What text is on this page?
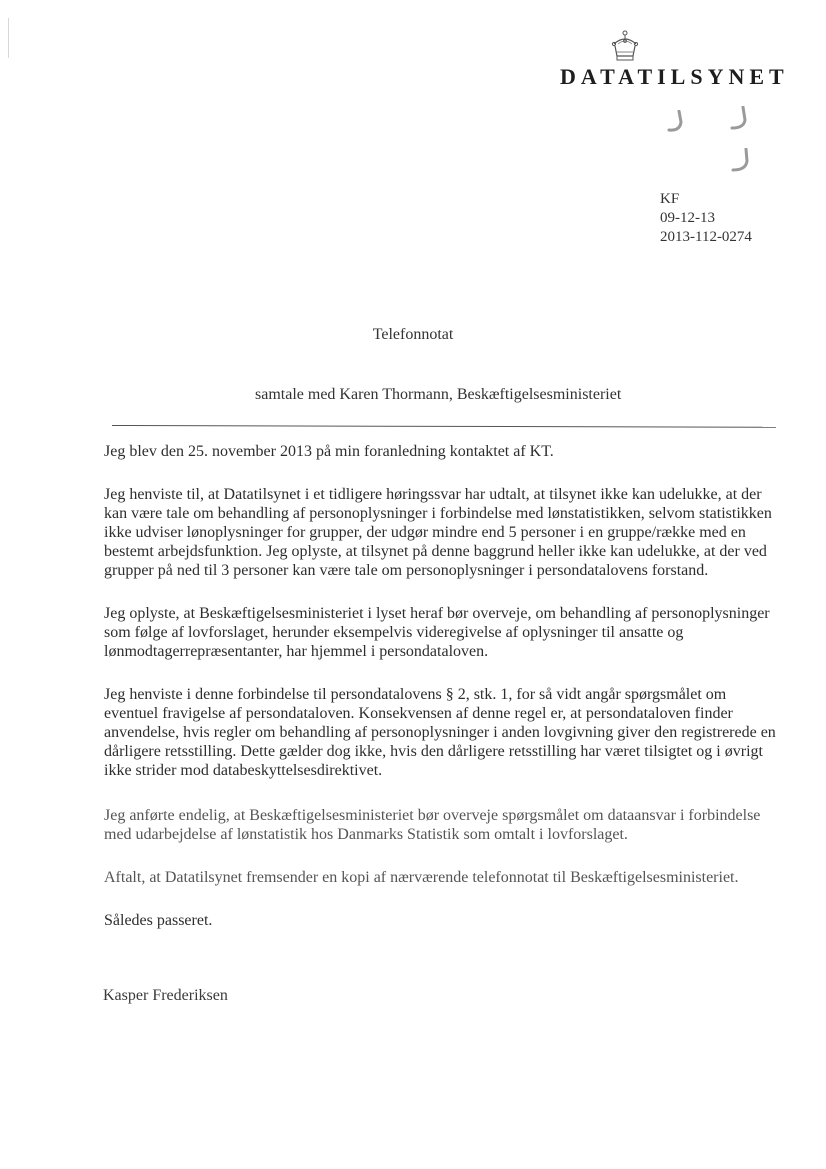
DATATILSYNET
KF
09-12-13
2013-112-0274
Telefonnotat
samtale med Karen Thormann, Beskæftigelsesministeriet

Jeg blev den 25. november 2013 på min foranledning kontaktet af KT.

Jeg henviste til, at Datatilsynet i et tidligere høringssvar har udtalt, at tilsynet ikke kan udelukke, at der kan være tale om behandling af personoplysninger i forbindelse med lønstatistikken, selvom statistikken ikke udviser lønoplysninger for grupper, der udgør mindre end 5 personer i en gruppe/række med en bestemt arbejdsfunktion. Jeg oplyste, at tilsynet på denne baggrund heller ikke kan udelukke, at der ved grupper på ned til 3 personer kan være tale om personoplysninger i persondatalovens forstand.

Jeg oplyste, at Beskæftigelsesministeriet i lyset heraf bør overveje, om behandling af personoplysninger som følge af lovforslaget, herunder eksempelvis videregivelse af oplysninger til ansatte og lønmodtagerrepræsentanter, har hjemmel i persondataloven.

Jeg henviste i denne forbindelse til persondatalovens § 2, stk. 1, for så vidt angår spørgsmålet om eventuel fravigelse af persondataloven. Konsekvensen af denne regel er, at persondataloven finder anvendelse, hvis regler om behandling af personoplysninger i anden lovgivning giver den registrerede en dårligere retsstilling. Dette gælder dog ikke, hvis den dårligere retsstilling har været tilsigtet og i øvrigt ikke strider mod databeskyttelsesdirektivet.

Jeg anførte endelig, at Beskæftigelsesministeriet bør overveje spørgsmålet om dataansvar i forbindelse med udarbejdelse af lønstatistik hos Danmarks Statistik som omtalt i lovforslaget.

Aftalt, at Datatilsynet fremsender en kopi af nærværende telefonnotat til Beskæftigelsesministeriet.

Således passeret.

Kasper Frederiksen
